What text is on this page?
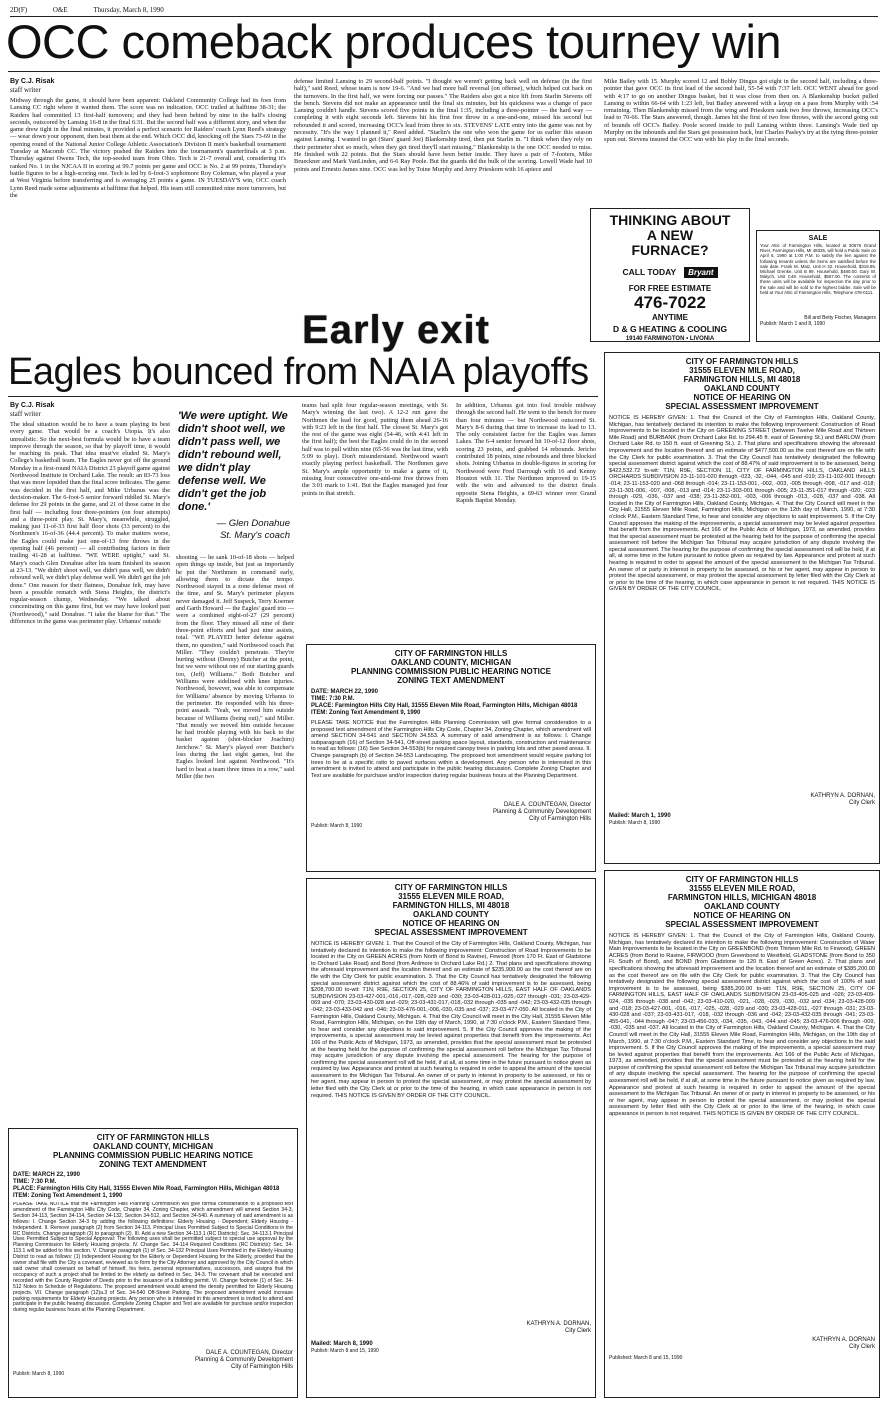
2D(F)	O&E	Thursday, March 8, 1990
OCC comeback produces tourney win
By C.J. Risak
staff writer
Midway through the game, it should have been apparent: Oakland Community College had its foes from Lansing CC right where it wanted them. The score was no indication. OCC trailed at halftime 38-31; the Raiders had committed 13 first-half turnovers; and they had been behind by nine in the half's closing seconds, outscored by Lansing 16-8 in the final 6:31. But the second half was a different story, and when the game drew tight in the final minutes, it provided a perfect scenario for Raiders' coach Lynn Reed's strategy — wear down your opponent, then beat them at the end. Which OCC did, knocking off the Stars 73-69 in the opening round of the National Junior College Athletic Association's Division II men's basketball tournament Tuesday at Macomb CC. The victory pushed the Raiders into the tournament's quarterfinals at 3 p.m. Thursday against Owens Tech, the top-seeded team from Ohio. Tech is 21-7 overall and, considering it's ranked No. 1 in the NJCAA II in scoring at 99.7 points per game and OCC is No. 2 at 99 points, Thursday's battle figures to be a high-scoring one. Tech is led by 6-foot-3 sophomore Roy Coleman, who played a year at West Virginia before transferring and is averaging 25 points a game. IN TUESDAY'S win, OCC coach Lynn Reed made some adjustments at halftime that helped. His team still committed nine more turnovers, but the
defense limited Lansing to 29 second-half points. "I thought we weren't getting back well on defense (in the first half)," said Reed, whose team is now 19-6. "And we had more ball reversal (on offense), which helped cut back on the turnovers. In the first half, we were forcing our passes." The Raiders also got a nice lift from Starlin Stevens off the bench. Stevens did not make an appearance until the final six minutes, but his quickness was a change of pace Lansing couldn't handle. Stevens scored five points in the final 1:35, including a three-pointer — the hard way — completing it with eight seconds left. Stevens hit his first free throw in a one-and-one, missed his second but rebounded it and scored, increasing OCC's lead from three to six. STEVENS' LATE entry into the game was not by necessity. "It's the way I planned it," Reed added. "Starlin's the one who won the game for us earlier this season against Lansing. I wanted to get (Stars' guard Joe) Blankenship tired, then put Starlin in. "I think when they rely on their perimeter shot so much, when they get tired they'll start missing." Blankenship is the one OCC needed to miss. He finished with 22 points. But the Stars should have been better inside. They have a pair of 7-footers, Mike Brueckner and Mark VanLinden, and 6-6 Ray Poole. But the guards did the bulk of the scoring. Lowell Wade had 10 points and Ernesto James nine. OCC was led by Toine Murphy and Jerry Prieskorn with 16 apiece and
Mike Bailey with 15. Murphy scored 12 and Bobby Dingus got eight in the second half, including a three-pointer that gave OCC its first lead of the second half, 55-54 with 7:37 left. OCC WENT ahead for good with 4:17 to go on another Dingus basket, but it was close from then on. A Blankenship bucket pulled Lansing to within 66-64 with 1:23 left, but Bailey answered with a layup on a pass from Murphy with :54 remaining. Then Blankenship missed from the wing and Prieskorn sank two free throws, increasing OCC's lead to 70-66. The Stars answered, though. James hit the first of two free throws, with the second going out of bounds off OCC's Bailey. Poole scored inside to pull Lansing within three. Lansing's Wade tied up Murphy on the inbounds and the Stars got possession back, but Charles Pasley's try at the tying three-pointer spun out. Stevens insured the OCC win with his play in the final seconds.
THINKING ABOUT
A NEW
FURNACE?
CALL TODAY Bryant
FOR FREE ESTIMATE
476-7022
ANYTIME
D & G HEATING & COOLING
19140 FARMINGTON • LIVONIA
SALE
Your Attic of Farmington Hills, located at 30675 Grand River, Farmington Hills, MI 48335, will hold a Public Sale on April 6, 1990 at 1:00 P.M. to satisfy the lien against the following tenants unless the items are satisfied before the sale date. Frank M. Matz, Unit H 32. Household, $318.95. Michael Grenke, Unit B 99. Household, $480.00. Gary W. Malych, Unit C48. Household, $567.00. The contents of these units will be available for inspection the day prior to the sale and will be sold to the highest bidder. Sale will be held at Your Attic of Farmington Hills. Telephone 478-0111.
Bill and Betty Fischer, Managers
Publish: March 1 and 8, 1990
Early exit
Eagles bounced from NAIA playoffs
By C.J. Risak
staff writer
The ideal situation would be to have a team playing its best every game. That would be a coach's Utopia. It's also unrealistic. So the next-best formula would be to have a team improve through the season, so that by playoff time, it would be reaching its peak. That idea must've eluded St. Mary's College's basketball team. The Eagles never got off the ground Monday in a first-round NAIA District 23 playoff game against Northwood Institute in Orchard Lake. The result: an 83-73 loss that was more lopsided than the final score indicates. The game was decided in the first half, and Mike Urbanus was the decision-maker. The 6-foot-5 senior forward riddled St. Mary's defense for 29 points in the game, and 21 of those came in the first half — including four three-pointers (on four attempts) and a three-point play. St. Mary's, meanwhile, struggled, making just 11-of-33 first half floor shots (33 percent) to the Northmen's 16-of-36 (44.4 percent). To make matters worse, the Eagles could make just one-of-13 free throws in the opening half (46 percent) — all contributing factors in their trailing 41-28 at halftime. "WE WERE uptight," said St. Mary's coach Glen Donahue after his team finished its season at 23-13. "We didn't shoot well, we didn't pass well, we didn't rebound well, we didn't play defense well. We didn't get the job done." One reason for their flatness, Donahue felt, may have been a possible rematch with Siena Heights, the district's regular-season champ, Wednesday. "We talked about concentrating on this game first, but we may have looked past (Northwood)," said Donahue. "I take the blame for that." The difference in the game was perimeter play. Urbanus' outside
'We were uptight. We didn't shoot well, we didn't pass well, we didn't rebound well, we didn't play defense well. We didn't get the job done.'
— Glen Donahue
St. Mary's coach
shooting — he sank 10-of-18 shots — helped open things up inside, but just as importantly he put the Northmen in command early, allowing them to dictate the tempo. Northwood stayed in a zone defense most of the time, and St. Mary's perimeter players never damaged it. Jeff Suspeck, Terry Koerner and Garth Howard — the Eagles' guard trio — were a combined eight-of-27 (29 percent) from the floor. They missed all nine of their three-point efforts and had just nine assists, total. "WE PLAYED better defense against them, no question," said Northwood coach Pat Miller. "They couldn't penetrate. They're hurting without (Denny) Butcher at the point, but we were without one of our starting guards too, (Jeff) Williams." Both Butcher and Williams were sidelined with knee injuries. Northwood, however, was able to compensate for Williams' absence by moving Urbanus to the perimeter. He responded with his three-point assault. "Yeah, we moved him outside because of Williams (being out)," said Miller. "But mostly we moved him outside because he had trouble playing with his back to the basket against (shot-blocker Joachim) Jerichow." St. Mary's played over Butcher's loss during the last eight games, but the Eagles looked lost against Northwood. "It's hard to beat a team three times in a row," said Miller (the two
teams had split four regular-season meetings, with St. Mary's winning the last two). A 12-2 run gave the Northmen the lead for good, putting them ahead 26-16 with 9:23 left in the first half. The closest St. Mary's got the rest of the game was eight (54-46, with 4:41 left in the first half); the best the Eagles could do in the second half was to pull within nine (65-56 was the last time, with 5:09 to play). Don't misunderstand. Northwood wasn't exactly playing perfect basketball. The Northmen gave St. Mary's ample opportunity to make a game of it, missing four consecutive one-and-one free throws from the 3:01 mark to 1:41. But the Eagles managed just four points in that stretch.
In addition, Urbanus got into foul trouble midway through the second half. He went to the bench for more than four minutes — but Northwood outscored St. Mary's 8-6 during that time to increase its lead to 13. The only consistent factor for the Eagles was James Lakes. The 6-4 senior forward hit 10-of-12 floor shots, scoring 23 points, and grabbed 14 rebounds. Jericho contributed 18 points, nine rebounds and three blocked shots. Joining Urbanus in double-figures in scoring for Northwood were Fred Darrough with 16 and Kenny Houston with 11. The Northmen improved to 19-15 with the win and advanced to the district finals opposite Siena Heights, a 69-63 winner over Grand Rapids Baptist Monday.
CITY OF FARMINGTON HILLS
OAKLAND COUNTY, MICHIGAN
PLANNING COMMISSION PUBLIC HEARING NOTICE
ZONING TEXT AMENDMENT
DATE: MARCH 22, 1990
TIME: 7:30 P.M.
PLACE: Farmington Hills City Hall, 31555 Eleven Mile Road, Farmington Hills, Michigan 48018
ITEM: Zoning Text Amendment 9, 1990
PLEASE TAKE NOTICE that the Farmington Hills Planning Commission will give formal consideration to a proposed text amendment of the Farmington Hills City Code, Chapter 34, Zoning Chapter, which amendment will amend SECTION 34-541 and SECTION 34.553. A summary of said amendment is as follows: I. Change subparagraph (16) of Section 34-541, Off-street parking space layout, standards, construction and maintenance to read as follows: (16) See Section 34-553(b) for required canopy trees in parking lots and other paved areas. II. Change paragraph (b) of Section 34-553 Landscaping. The proposed text amendment would require parking lot trees to be at a specific ratio to paved surfaces within a development. Any person who is interested in this amendment is invited to attend and participate in the public hearing discussion. Complete Zoning Chapter and Text are available for purchase and/or inspection during regular business hours at the Planning Department.
DALE A. COUNTEGAN, Director
Planning & Community Development
City of Farmington Hills
Publish: March 8, 1990
CITY OF FARMINGTON HILLS
OAKLAND COUNTY, MICHIGAN
PLANNING COMMISSION PUBLIC HEARING NOTICE
ZONING TEXT AMENDMENT
DATE: MARCH 22, 1990
TIME: 7:30 P.M.
PLACE: Farmington Hills City Hall, 31555 Eleven Mile Road, Farmington Hills, Michigan 48018
ITEM: Zoning Text Amendment 1, 1990
PLEASE TAKE NOTICE that the Farmington Hills Planning Commission will give formal consideration to a proposed text amendment of the Farmington Hills City Code, Chapter 34, Zoning Chapter, which amendment will amend Section 34-3, Section 34-113, Section 34-114, Section 34-132, Section 34-512, and Section 34-540. A summary of said amendment is as follows: I. Change Section 34-3 by adding the following definitions: Elderly Housing - Dependent; Elderly Housing - Independent. II. Remove paragraph (2) from Section 34-113, Principal Uses Permitted Subject to Special Conditions in the RC Districts. Change paragraph (3) to paragraph (2). III. Add a new Section 34-113.1 (RC Districts): Sec. 34-113.1 Principal Uses Permitted Subject to Special Approval: The following uses shall be permitted subject to special use approval by the Planning Commission for Elderly Housing projects. IV. Change Sec. 34-114 Required Conditions (RC Districts): Sec. 34-113.1 will be added to this section. V. Change paragraph (1) of Sec. 34-132 Principal Uses Permitted in the Elderly Housing District to read as follows: (1) Independent Housing for the Elderly or Dependent Housing for the Elderly, provided that the owner shall file with the City a covenant, reviewed as to form by the City Attorney and approved by the City Council in which said owner shall covenant on behalf of himself, his heirs, personal representatives, successors, and assigns that the occupancy of such a project shall be limited to the elderly as defined in Sec. 34-3. The covenant shall be executed and recorded with the County Register of Deeds prior to the issuance of a building permit. VI. Change footnote (1) of Sec. 34-512 Notes to Schedule of Regulations. The proposed amendment would amend the density permitted for Elderly Housing projects. VII. Change paragraph (12)a.3 of Sec. 34-540 Off-Street Parking. The proposed amendment would increase parking requirements for Elderly Housing projects. Any person who is interested in this amendment is invited to attend and participate in the public hearing discussion. Complete Zoning Chapter and Text are available for purchase and/or inspection during regular business hours at the Planning Department.
DALE A. COUNTEGAN, Director
Planning & Community Development
City of Farmington Hills
Publish: March 8, 1990
CITY OF FARMINGTON HILLS
31555 ELEVEN MILE ROAD,
FARMINGTON HILLS, MI 48018
OAKLAND COUNTY
NOTICE OF HEARING ON
SPECIAL ASSESSMENT IMPROVEMENT
NOTICE IS HEREBY GIVEN: 1. That the Council of the City of Farmington Hills, Oakland County, Michigan, has tentatively declared its intention to make the following improvement: Construction of Road Improvements to be located in the City on GREEN ACRES (from North of Bond to Ravine), Firwood (from 170 Ft. East of Gladstone to Orchard Lake Road) and Bond (from Ardmore to Orchard Lake Rd.) 2. That plans and specifications showing the aforesaid improvement and the location thereof and an estimate of $235,900.00 as the cost thereof are on file with the City Clerk for public examination. 3. That the City Council has tentatively designated the following special assessment district against which the cost of 88.46% of said improvement is to be assessed, being $208,700.00 to-wit: T1N, R9E, SECTION 25, CITY OF FARMINGTON HILLS, EAST HALF OF OAKLANDS SUBDIVISION 23-03-427-001,-016,-017,-028,-029 and -030; 23-03-428-011,-025,-027 through -031; 23-03-429-069 and -070; 23-03-430-028 and -029; 23-03-431-017,-018,-032 through -035 and -042; 23-03-432-035 through -042; 23-03-433-042 and -046; 23-03-476-001,-006,-030,-035 and -037; 23-03-477-050. All located in the City of Farmington Hills, Oakland County, Michigan. 4. That the City Council will meet in the City Hall, 31555 Eleven Mile Road, Farmington Hills, Michigan, on the 19th day of March, 1990, at 7:30 o'clock P.M., Eastern Standard Time, to hear and consider any objections to said improvement. 5. If the City Council approves the making of the improvements, a special assessment may be levied against properties that benefit from the improvements. Act 166 of the Public Acts of Michigan, 1973, as amended, provides that the special assessment must be protested at the hearing held for the purpose of confirming the special assessment roll before the Michigan Tax Tribunal may acquire jurisdiction of any dispute involving the special assessment. The hearing for the purpose of confirming the special assessment roll will be held, if at all, at some time in the future pursuant to notice given as required by law. Appearance and protest at such hearing is required in order to appeal the amount of the special assessment to the Michigan Tax Tribunal. An owner of or party in interest in property to be assessed, or his or her agent, may appear in person to protest the special assessment, or may protest the special assessment by letter filed with the City Clerk at or prior to the time of the hearing, in which case appearance in person is not required. THIS NOTICE IS GIVEN BY ORDER OF THE CITY COUNCIL.
KATHRYN A. DORNAN,
City Clerk
Mailed: March 8, 1990
Publish: March 8 and 15, 1990
CITY OF FARMINGTON HILLS
31555 ELEVEN MILE ROAD,
FARMINGTON HILLS, MI 48018
OAKLAND COUNTY
NOTICE OF HEARING ON
SPECIAL ASSESSMENT IMPROVEMENT
NOTICE IS HEREBY GIVEN: 1. That the Council of the City of Farmington Hills, Oakland County, Michigan, has tentatively declared its intention to make the following improvement: Construction of Road Improvements to be located in the City on GREENING STREET (between Twelve Mile Road and Thirteen Mile Road) and BURBANK (from Orchard Lake Rd. to 294.45 ft. east of Greening St.) and BARLOW (from Orchard Lake Rd. to 150 ft. east of Greening St.). 2. That plans and specifications showing the aforesaid improvement and the location thereof and an estimate of $477,500.00 as the cost thereof are on file with the City Clerk for public examination. 3. That the City Council has tentatively designated the following special assessment district against which the cost of 88.47% of said improvement is to be assessed, being $422,532.72 to-wit: T1N, R9E, SECTION 11, CITY OF FARMINGTON HILLS, OAKLAND HILLS ORCHARDS SUBDIVISION 23-11-101-020 through -023, -32, -044, -045 and -019; 23-11-102-001 through -014; 23-11-153-020 and -068 through -014; 23-11-153-001, -002, -003, -005 through -008, -017 and -018; 23-11-301-006, -007, -008, -013 and -014; 23-11-303-001 through -005; 23-11-351-017 through -020, -023 through -029, -036, -037 and -038; 23-11-352-001, -003, -006 through -013, -028, -037 and -038. All located in the City of Farmington Hills, Oakland County, Michigan. 4. That the City Council will meet in the City Hall, 31555 Eleven Mile Road, Farmington Hills, Michigan on the 12th day of March, 1990, at 7:30 o'clock P.M., Eastern Standard Time, to hear and consider any objections to said improvement. 5. If the City Council approves the making of the improvements, a special assessment may be levied against properties that benefit from the improvements. Act 166 of the Public Acts of Michigan, 1973, as amended, provides that the special assessment must be protested at the hearing held for the purpose of confirming the special assessment roll before the Michigan Tax Tribunal may acquire jurisdiction of any dispute involving the special assessment. The hearing for the purpose of confirming the special assessment roll will be held, if at all, at some time in the future pursuant to notice given as required by law. Appearance and protest at such hearing is required in order to appeal the amount of the special assessment to the Michigan Tax Tribunal. An owner of or party in interest in property to be assessed, or his or her agent, may appear in person to protest the special assessment, or may protest the special assessment by letter filed with the City Clerk at or prior to the time of the hearing, in which case appearance in person is not required. THIS NOTICE IS GIVEN BY ORDER OF THE CITY COUNCIL.
KATHRYN A. DORNAN,
City Clerk
Mailed: March 1, 1990
Publish: March 8, 1990
CITY OF FARMINGTON HILLS
31555 ELEVEN MILE ROAD,
FARMINGTON HILLS, MICHIGAN 48018
OAKLAND COUNTY
NOTICE OF HEARING ON
SPECIAL ASSESSMENT IMPROVEMENT
NOTICE IS HEREBY GIVEN: 1. That the Council of the City of Farmington Hills, Oakland County, Michigan, has tentatively declared its intention to make the following improvement: Construction of Water Main Improvements to be located in the City on GREENBOND (from Thirteen Mile Rd. to Firwood), GREEN ACRES (from Bond to Ravine, FIRWOOD (from Greenbond to Westfield, GLADSTONE (from Bond to 350 Ft. South of Bond), and BOND (from Gladstone to 120 ft. East of Green Acres). 2. That plans and specifications showing the aforesaid improvement and the location thereof and an estimate of $385,200.00 as the cost thereof are on file with the City Clerk for public examination. 3. That the City Council has tentatively designated the following special assessment district against which the cost of 100% of said improvement is to be assessed, being $385,200.00 to-wit: T1N, R9E, SECTION 25, CITY OF FARMINGTON HILLS, EAST HALF OF OAKLANDS SUBDIVISION 23-03-405-025 and -026; 23-03-409-024, -035 through -038 and -042; 23-03-410-020, -021, -028, -029, -030, -032 and -034; 23-03-428-009 and -018; 23-03-427-001, -016, -017, -025, -028, -029 and -030; 23-03-428-011, -027 through -031; 23-03-430-028 and -037; 23-03-431-017, -018, -032 through -036 and -042; 23-03-432-035 through -041; 23-03-455-041, -044 through -047; 23-03-456-033, -034, -035, -043, -044 and -045; 23-03-476-006 through -009, -030, -035 and -037. All located in the City of Farmington Hills, Oakland County, Michigan. 4. That the City Council will meet in the City Hall, 31555 Eleven Mile Road, Farmington Hills, Michigan, on the 19th day of March, 1990, at 7:30 o'clock P.M., Eastern Standard Time, to hear and consider any objections to the said improvement. 5. If the City Council approves the making of the improvements, a special assessment may be levied against properties that benefit from the improvements. Act 166 of the Public Acts of Michigan, 1973, as amended, provides that the special assessment must be protested at the hearing held for the purpose of confirming the special assessment roll before the Michigan Tax Tribunal may acquire jurisdiction of any dispute involving the special assessment. The hearing for the purpose of confirming the special assessment roll will be held, if at all, at some time in the future pursuant to notice given as required by law. Appearance and protest at such hearing is required in order to appeal the amount of the special assessment to the Michigan Tax Tribunal. An owner of or party in interest in property to be assessed, or his or her agent, may appear in person to protest the special assessment, or may protest the special assessment by letter filed with the City Clerk at or prior to the time of the hearing, in which case appearance in person is not required. THIS NOTICE IS GIVEN BY ORDER OF THE CITY COUNCIL.
KATHRYN A. DORNAN
City Clerk
Published: March 8 and 15, 1990
